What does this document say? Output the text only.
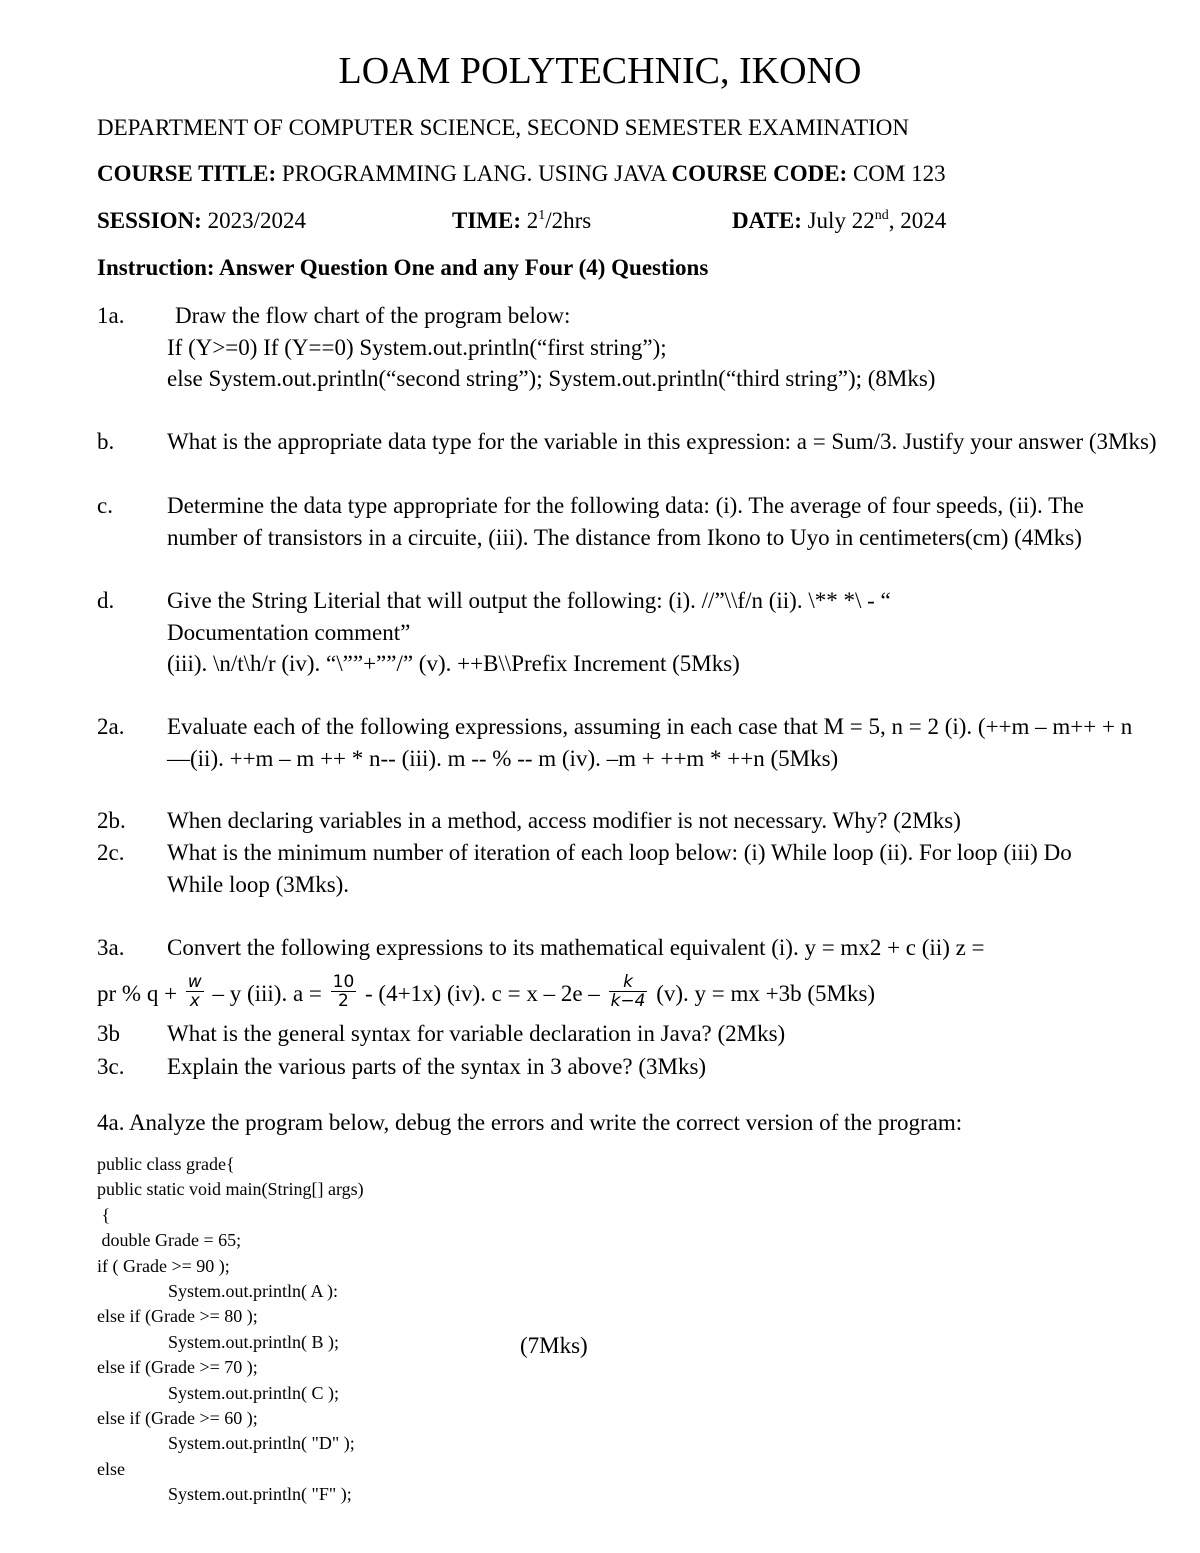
LOAM POLYTECHNIC, IKONO
DEPARTMENT OF COMPUTER SCIENCE, SECOND SEMESTER EXAMINATION
COURSE TITLE: PROGRAMMING LANG. USING JAVA COURSE CODE: COM 123
SESSION: 2023/2024	TIME: $2^1/2hrs$	DATE: July 22nd, 2024
Instruction: Answer Question One and any Four (4) Questions
1a. Draw the flow chart of the program below:
If (Y>=0) If (Y==0) System.out.println(“first string”);
else System.out.println(“second string”); System.out.println(“third string”); (8Mks)
b. What is the appropriate data type for the variable in this expression: a = Sum/3. Justify your answer (3Mks)
c. Determine the data type appropriate for the following data: (i). The average of four speeds, (ii). The number of transistors in a circuite, (iii). The distance from Ikono to Uyo in centimeters(cm) (4Mks)
d. Give the String Literial that will output the following: (i). //”\\f/n (ii). \** *\ - “
Documentation comment”
(iii). \n/t\h/r (iv). “\””+””/” (v). ++B\\Prefix Increment (5Mks)
2a. Evaluate each of the following expressions, assuming in each case that M = 5, n = 2 (i). (++m – m++ + n—(ii). ++m – m ++ * n-- (iii). m -- % -- m (iv). –m + ++m * ++n (5Mks)
2b. When declaring variables in a method, access modifier is not necessary. Why? (2Mks)
2c. What is the minimum number of iteration of each loop below: (i) While loop (ii). For loop (iii) Do While loop (3Mks).
3a. Convert the following expressions to its mathematical equivalent (i). y = mx2 + c (ii) z =
pr % $q + \frac{w}{x} - y$ (iii). $a = \frac{10}{2} - (4+1x)$ (iv). $c = x - 2e - \frac{k}{k-4} (v)$. y = mx +3b (5Mks)
3b What is the general syntax for variable declaration in Java? (2Mks)
3c. Explain the various parts of the syntax in 3 above? (3Mks)
4a. Analyze the program below, debug the errors and write the correct version of the program:
public class grade{
public static void main(String[] args)
{
double Grade = 65;
if ( Grade >= 90 );
System.out.println( A ):
else if (Grade >= 80 );
System.out.println( B );
else if (Grade >= 70 );
System.out.println( C );
else if (Grade >= 60 );
System.out.println( "D" );
else
System.out.println( "F" );
(7Mks)
